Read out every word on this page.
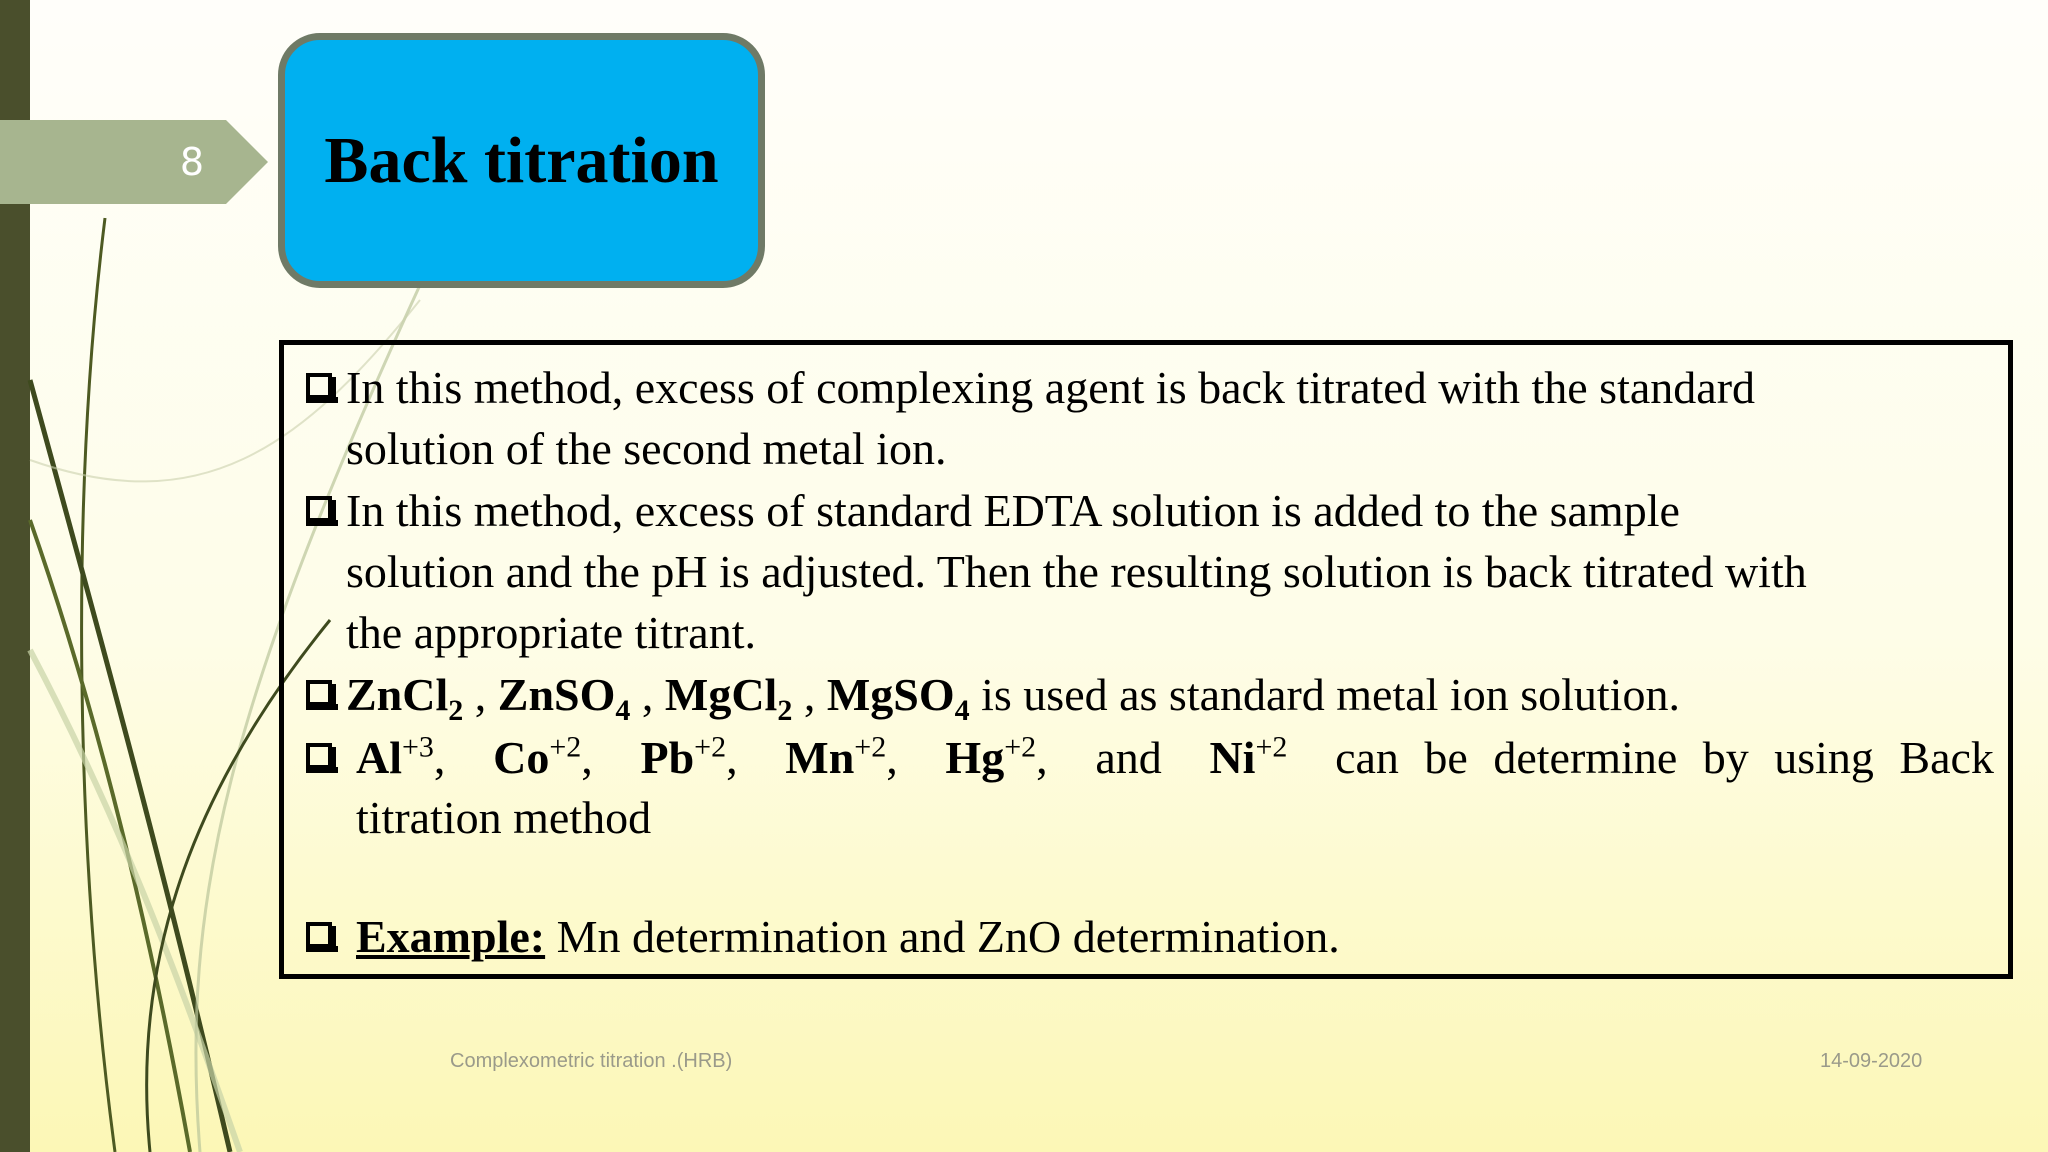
8	Back titration
In this method, excess of complexing agent is back titrated with the standard
solution of the second metal ion.
In this method, excess of standard EDTA solution is added to the sample
solution and the pH is adjusted. Then the resulting solution is back titrated with
the appropriate titrant.
ZnCl$_2$ , ZnSO$_4$ , MgCl$_2$ , MgSO$_4$ is used as standard metal ion solution.
$Al^{+3}$, $Co^{+2}$, $Pb^{+2}$, $Mn^{+2}$, $Hg^{+2}$, and $Ni^{+2}$ can be determine by using Back
titration method
Example: Mn determination and ZnO determination.
Complexometric titration .(HRB)	14-09-2020
